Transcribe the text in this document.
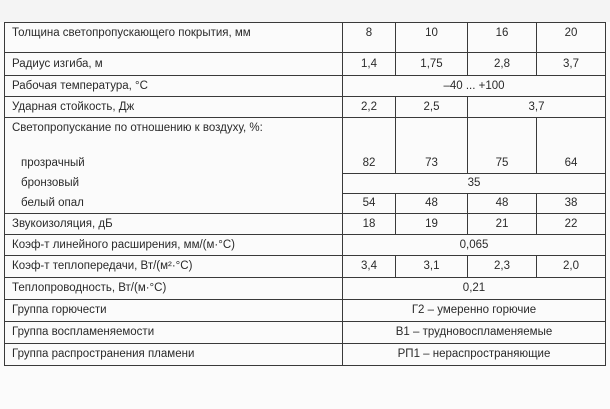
Толщина светопропускающего покрытия, мм	8	10	16	20
Радиус изгиба, м	1,4	1,75	2,8	3,7
Рабочая температура, °С	–40 ... +100			
Ударная стойкость, Дж	2,2	2,5	3,7	
Светопропускание по отношению к воздуху, %:				
прозрачный	82	73	75	64
бронзовый	35			
белый опал	54	48	48	38
Звукоизоляция, дБ	18	19	21	22
Коэф-т линейного расширения, мм/(м·°С)	0,065			
Коэф-т теплопередачи, Вт/(м²·°С)	3,4	3,1	2,3	2,0
Теплопроводность, Вт/(м·°С)	0,21			
Группа горючести	Г2 – умеренно горючие			
Группа воспламеняемости	В1 – трудновоспламеняемые			
Группа распространения пламени	РП1 – нераспространяющие			
